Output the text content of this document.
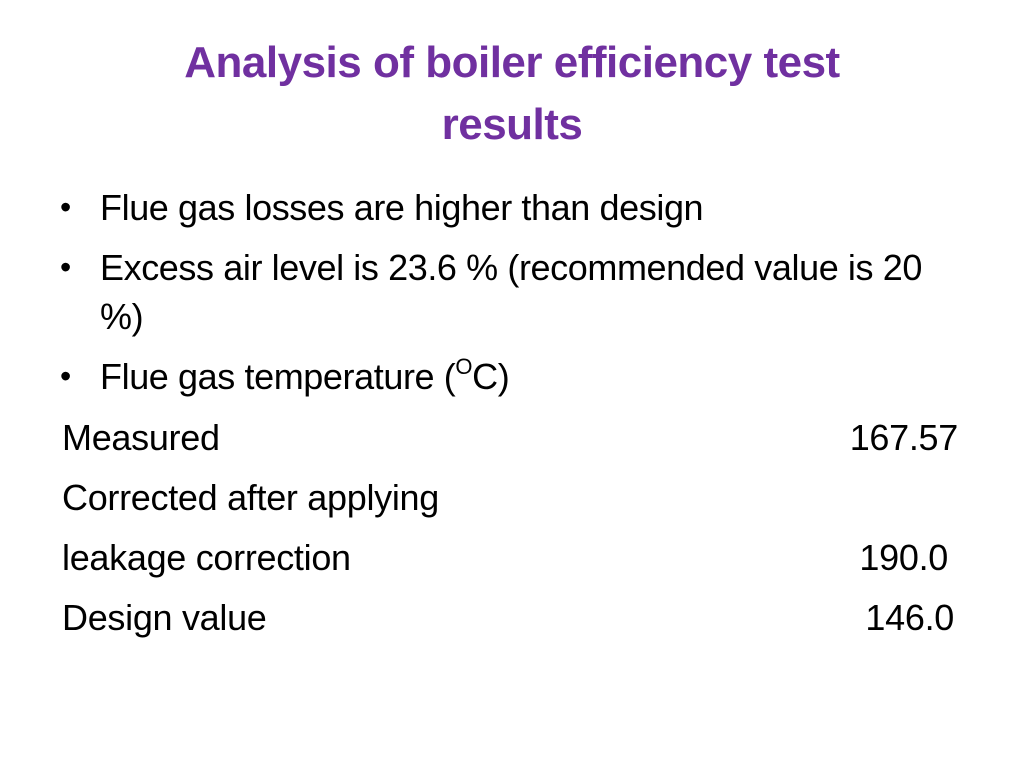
Analysis of boiler efficiency test
results
• Flue gas losses are higher than design
• Excess air level is 23.6 % (recommended value is 20 %)
• Flue gas temperature ($^O$C)
Measured	167.57
Corrected after applying
leakage correction	190.0
Design value	146.0
